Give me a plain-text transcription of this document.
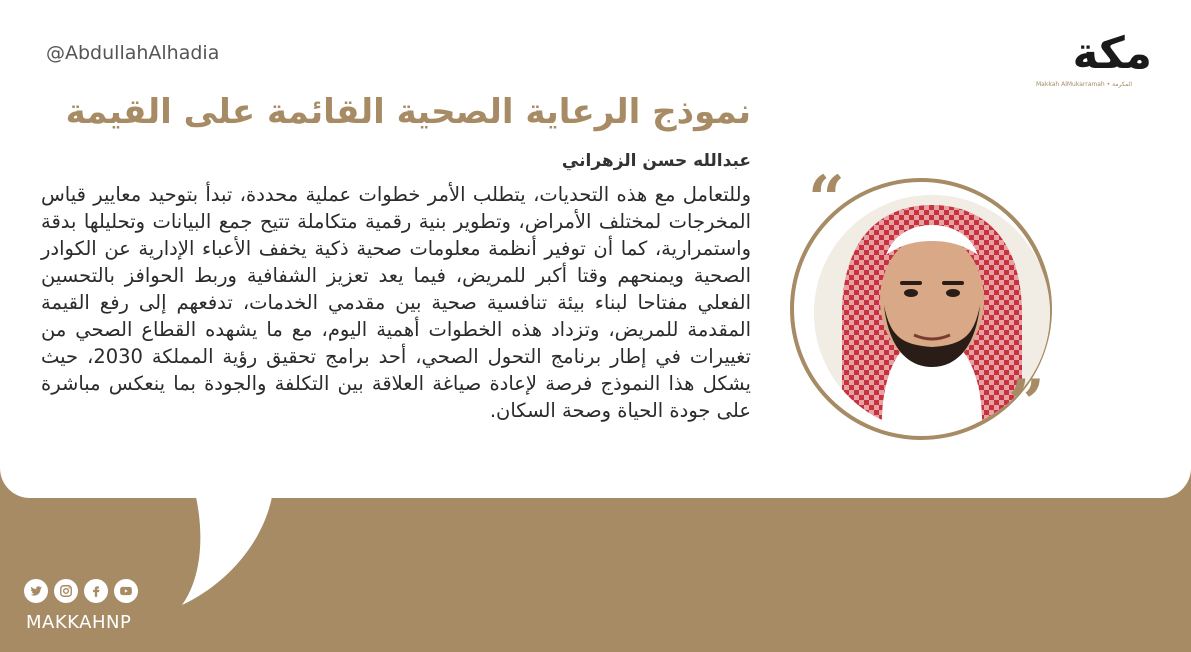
@AbdullahAlhadia	مكة
Makkah AlMukarramah • المكرمة
نموذج الرعاية الصحية القائمة على القيمة
عبدالله حسن الزهراني
وللتعامل مع هذه التحديات، يتطلب الأمر خطوات عملية محددة، تبدأ بتوحيد معايير قياس المخرجات لمختلف الأمراض، وتطوير بنية رقمية متكاملة تتيح جمع البيانات وتحليلها بدقة واستمرارية، كما أن توفير أنظمة معلومات صحية ذكية يخفف الأعباء الإدارية عن الكوادر الصحية ويمنحهم وقتا أكبر للمريض، فيما يعد تعزيز الشفافية وربط الحوافز بالتحسين الفعلي مفتاحا لبناء بيئة تنافسية صحية بين مقدمي الخدمات، تدفعهم إلى رفع القيمة المقدمة للمريض، وتزداد هذه الخطوات أهمية اليوم، مع ما يشهده القطاع الصحي من تغييرات في إطار برنامج التحول الصحي، أحد برامج تحقيق رؤية المملكة 2030، حيث يشكل هذا النموذج فرصة لإعادة صياغة العلاقة بين التكلفة والجودة بما ينعكس مباشرة على جودة الحياة وصحة السكان.
“
”
MAKKAHNP
